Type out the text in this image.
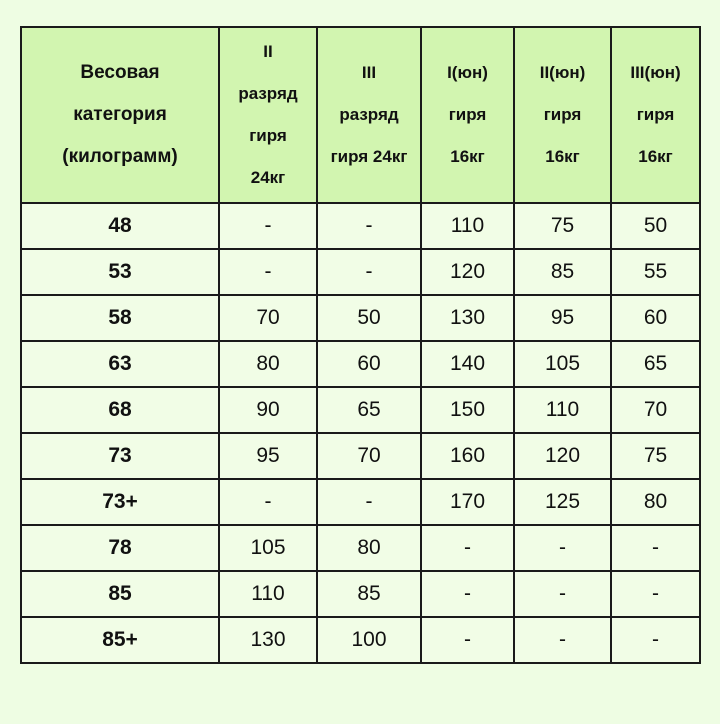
Весовая
категория
(килограмм)	II
разряд
гиря
24кг	III
разряд
гиря 24кг	I(юн)
гиря
16кг	II(юн)
гиря
16кг	III(юн)
гиря
16кг

48	-	-	110	75	50
53	-	-	120	85	55
58	70	50	130	95	60
63	80	60	140	105	65
68	90	65	150	110	70
73	95	70	160	120	75
73+	-	-	170	125	80
78	105	80	-	-	-
85	110	85	-	-	-
85+	130	100	-	-	-
